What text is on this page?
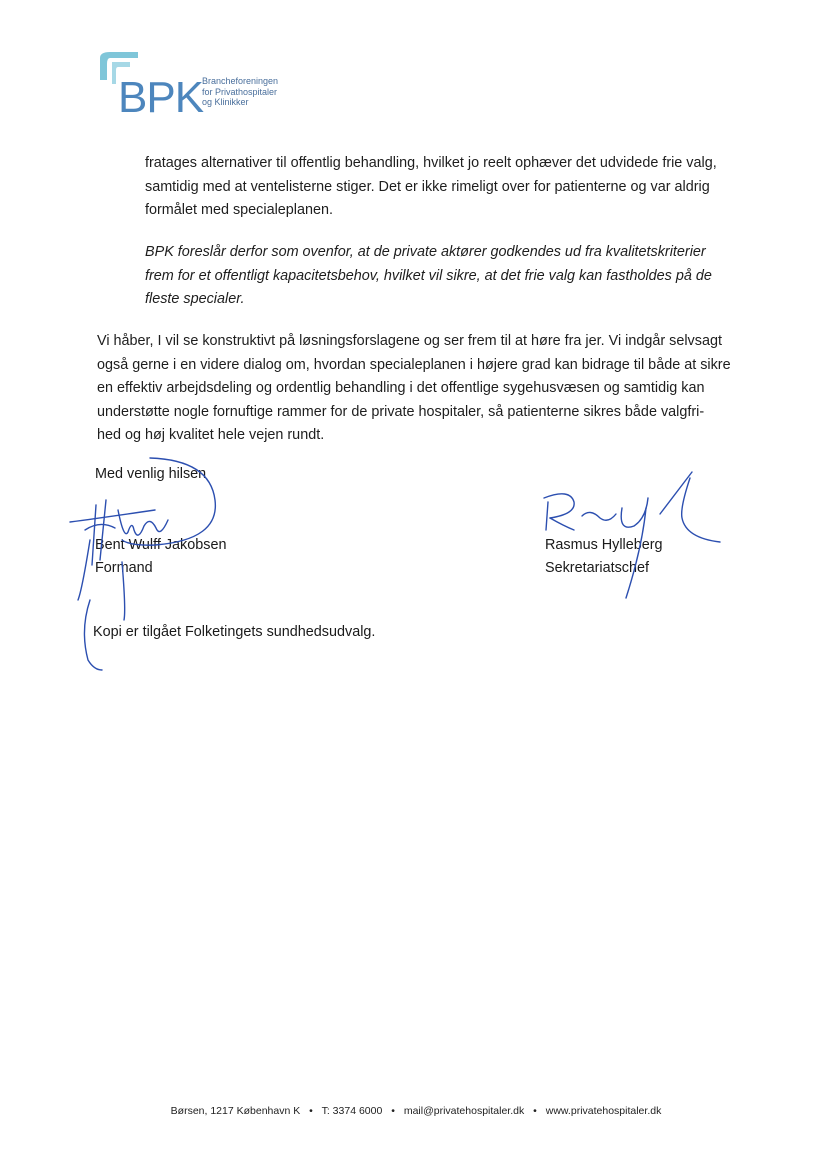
BPK
Brancheforeningen
for Privathospitaler
og Klinikker
fratages alternativer til offentlig behandling, hvilket jo reelt ophæver det udvidede frie valg,
samtidig med at ventelisterne stiger. Det er ikke rimeligt over for patienterne og var aldrig
formålet med specialeplanen.
BPK foreslår derfor som ovenfor, at de private aktører godkendes ud fra kvalitetskriterier
frem for et offentligt kapacitetsbehov, hvilket vil sikre, at det frie valg kan fastholdes på de
fleste specialer.
Vi håber, I vil se konstruktivt på løsningsforslagene og ser frem til at høre fra jer. Vi indgår selvsagt
også gerne i en videre dialog om, hvordan specialeplanen i højere grad kan bidrage til både at sikre
en effektiv arbejdsdeling og ordentlig behandling i det offentlige sygehusvæsen og samtidig kan
understøtte nogle fornuftige rammer for de private hospitaler, så patienterne sikres både valgfri-
hed og høj kvalitet hele vejen rundt.
Med venlig hilsen
Bent Wulff Jakobsen
Formand
Rasmus Hylleberg
Sekretariatschef
Kopi er tilgået Folketingets sundhedsudvalg.
Børsen, 1217 København K • T: 3374 6000 • mail@privatehospitaler.dk • www.privatehospitaler.dk
